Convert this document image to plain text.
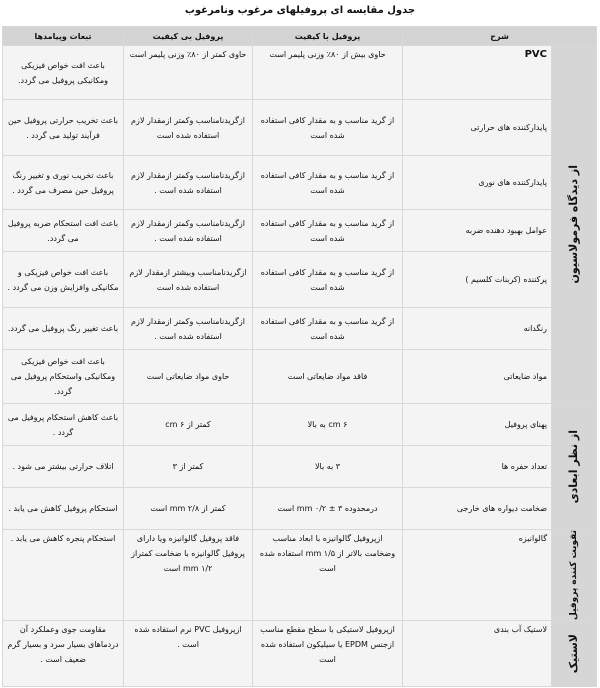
جدول مقایسه ای پروفیلهای مرغوب ونامرغوب
شرح		پروفیل با کیفیت	پروفیل بی کیفیت	تبعات وپیامدها

از دیدگاه فرمولاسیون	PVC	حاوی بیش از ۸۰٪ وزنی پلیمر است	حاوی کمتر از ۸۰٪ وزنی پلیمر است	باعث افت خواص فیزیکی ومکانیکی پروفیل می گردد.
	پایدارکننده های حرارتی	از گرید مناسب و به مقدار کافی استفاده شده است	ازگریدنامناسب وکمتر ازمقدار لازم استفاده شده است	باعث تخریب حرارتی پروفیل حین فرآیند تولید می گردد .
	پایدارکننده های نوری	از گرید مناسب و به مقدار کافی استفاده شده است	ازگریدنامناسب وکمتر ازمقدار لازم استفاده شده است .	باعث تخریب نوری و تغییر رنگ پروفیل حین مصرف می گردد .
	عوامل بهبود دهنده ضربه	از گرید مناسب و به مقدار کافی استفاده شده است	ازگریدنامناسب وکمتر ازمقدار لازم استفاده شده است .	باعث افت استحکام ضربه پروفیل می گردد.
	پرکننده (کربنات کلسیم )	از گرید مناسب و به مقدار کافی استفاده شده است	ازگریدنامناسب وبیشتر ازمقدار لازم استفاده شده است	باعث افت خواص فیزیکی و مکانیکی وافزایش وزن می گردد .
	رنگدانه	از گرید مناسب و به مقدار کافی استفاده شده است	ازگریدنامناسب وکمتر ازمقدار لازم استفاده شده است .	باعث تغییر رنگ پروفیل می گردد.
	مواد ضایعاتی	فاقد مواد ضایعاتی است	حاوی مواد ضایعاتی است	باعث افت خواص فیزیکی ومکانیکی واستحکام پروفیل می گردد.

از نظر ابعادی	پهنای پروفیل	۶ cm به بالا	کمتر از ۶ cm	باعث کاهش استحکام پروفیل می گردد .
	تعداد حفره ها	۳ به بالا	کمتر از ۳	اتلاف حرارتی بیشتر می شود .
	ضخامت دیواره های خارجی	درمحدوده mm ۰/۲ ± ۳ است	کمتر از mm ۲/۸ است	استحکام پروفیل کاهش می یابد .

تقویت کننده پروفیل	گالوانیزه	ازپروفیل گالوانیزه با ابعاد مناسب وضخامت بالاتر از mm ۱/۵ استفاده شده است	فاقد پروفیل گالوانیزه ویا دارای پروفیل گالوانیزه با ضخامت کمتراز mm ۱/۲ است	استحکام پنجره کاهش می یابد .

لاستیک	لاستیک آب بندی	ازپروفیل لاستیکی با سطح مقطع مناسب ازجنس EPDM یا سیلیکون استفاده شده است	ازپروفیل PVC نرم استفاده شده است .	مقاومت جوی وعملکرد آن دردماهای بسیار سرد و بسیار گرم ضعیف است .
